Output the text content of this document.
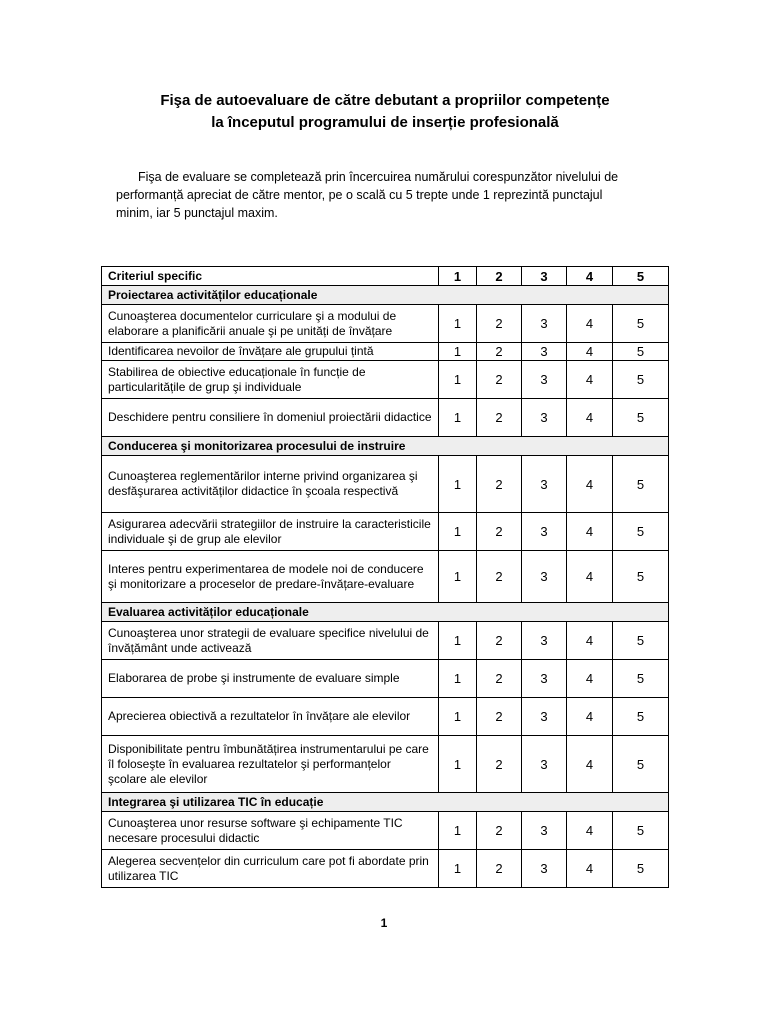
Fişa de autoevaluare de către debutant a propriilor competențe
la începutul programului de inserție profesională
Fişa de evaluare se completează prin încercuirea numărului corespunzător nivelului de
performanță apreciat de către mentor, pe o scală cu 5 trepte unde 1 reprezintă punctajul
minim, iar 5 punctajul maxim.
Criteriul specific	1	2	3	4	5
Proiectarea activităților educaționale					
Cunoaşterea documentelor curriculare şi a modului de elaborare a planificării anuale şi pe unități de învățare	1	2	3	4	5
Identificarea nevoilor de învățare ale grupului țintă	1	2	3	4	5
Stabilirea de obiective educaționale în funcție de particularitățile de grup şi individuale	1	2	3	4	5
Deschidere pentru consiliere în domeniul proiectării didactice	1	2	3	4	5
Conducerea şi monitorizarea procesului de instruire					
Cunoaşterea reglementărilor interne privind organizarea şi desfăşurarea activităților didactice în şcoala respectivă	1	2	3	4	5
Asigurarea adecvării strategiilor de instruire la caracteristicile individuale şi de grup ale elevilor	1	2	3	4	5
Interes pentru experimentarea de modele noi de conducere şi monitorizare a proceselor de predare-învățare-evaluare	1	2	3	4	5
Evaluarea activităților educaționale					
Cunoaşterea unor strategii de evaluare specifice nivelului de învățământ unde activează	1	2	3	4	5
Elaborarea de probe şi instrumente de evaluare simple	1	2	3	4	5
Aprecierea obiectivă a rezultatelor în învățare ale elevilor	1	2	3	4	5
Disponibilitate pentru îmbunătățirea instrumentarului pe care îl foloseşte în evaluarea rezultatelor şi performanțelor şcolare ale elevilor	1	2	3	4	5
Integrarea şi utilizarea TIC în educație					
Cunoaşterea unor resurse software şi echipamente TIC necesare procesului didactic	1	2	3	4	5
Alegerea secvențelor din curriculum care pot fi abordate prin utilizarea TIC	1	2	3	4	5
1
